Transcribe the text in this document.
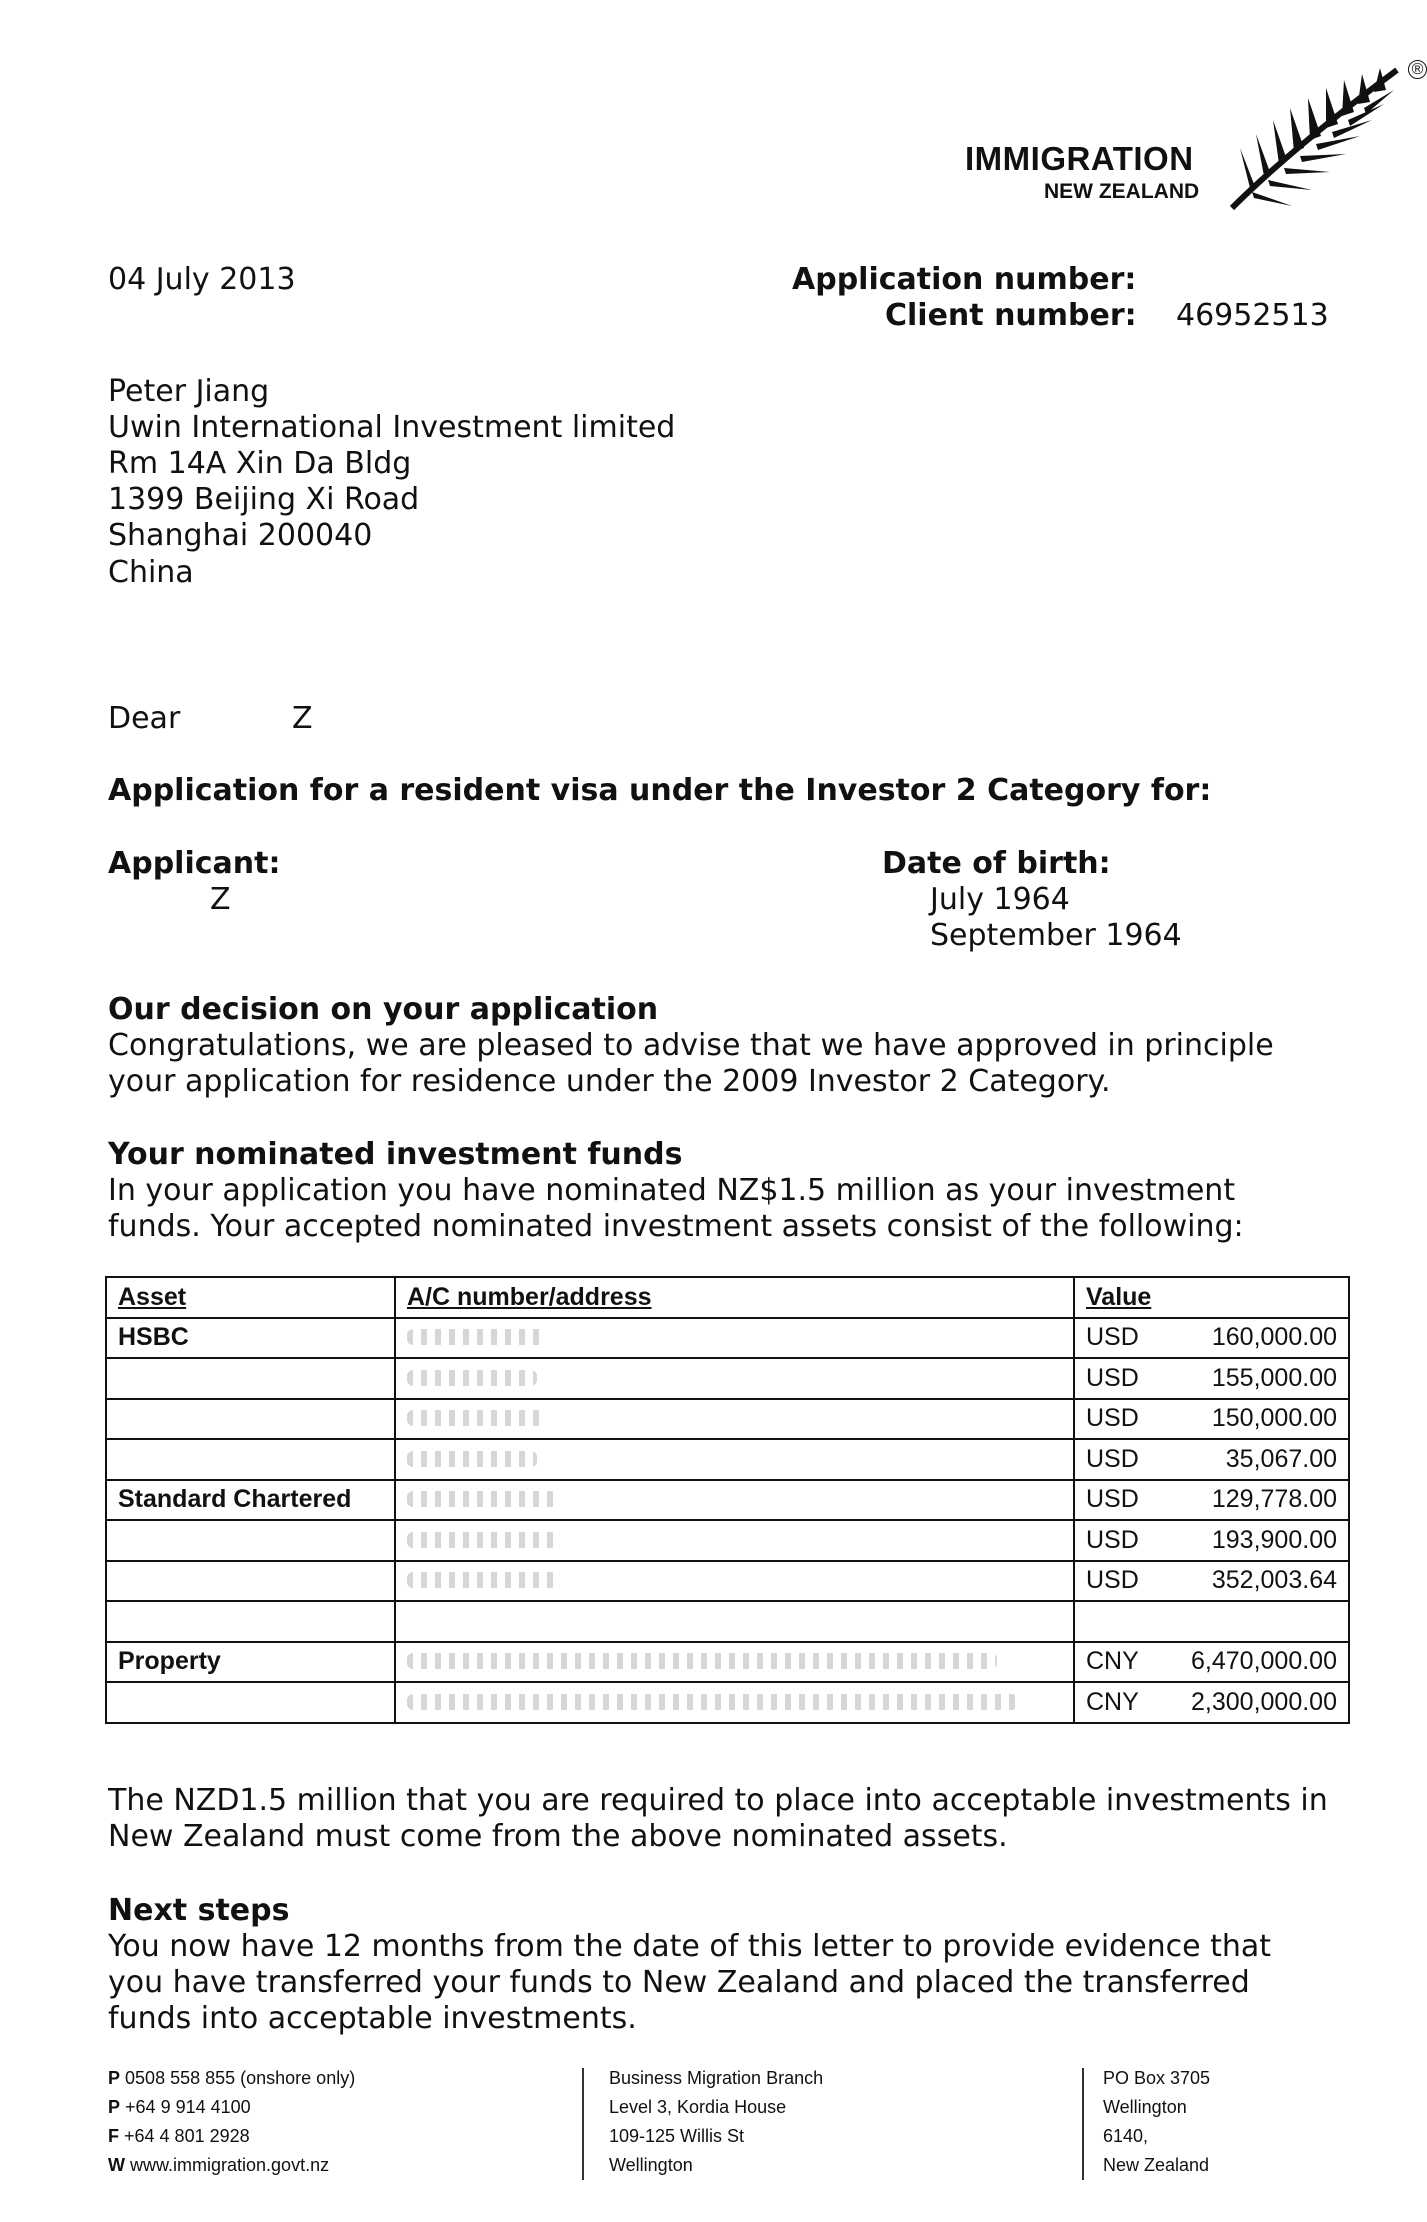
IMMIGRATION
NEW ZEALAND
®
04 July 2013	Application number:
Client number: 46952513
Peter Jiang
Uwin International Investment limited
Rm 14A Xin Da Bldg
1399 Beijing Xi Road
Shanghai 200040
China
Dear	Z
Application for a resident visa under the Investor 2 Category for:
Applicant:
Z
Date of birth:
July 1964
September 1964
Our decision on your application
Congratulations, we are pleased to advise that we have approved in principle
your application for residence under the 2009 Investor 2 Category.
Your nominated investment funds
In your application you have nominated NZ$1.5 million as your investment
funds. Your accepted nominated investment assets consist of the following:
Asset	A/C number/address	Value
HSBC		USD 160,000.00

		USD 155,000.00

		USD 150,000.00

		USD 35,067.00

Standard Chartered		USD 129,778.00

		USD 193,900.00

		USD 352,003.64

Property		CNY 6,470,000.00

		CNY 2,300,000.00
The NZD1.5 million that you are required to place into acceptable investments in
New Zealand must come from the above nominated assets.
Next steps
You now have 12 months from the date of this letter to provide evidence that
you have transferred your funds to New Zealand and placed the transferred
funds into acceptable investments.
P 0508 558 855 (onshore only)
P +64 9 914 4100
F +64 4 801 2928
W www.immigration.govt.nz
Business Migration Branch
Level 3, Kordia House
109-125 Willis St
Wellington
PO Box 3705
Wellington
6140,
New Zealand
